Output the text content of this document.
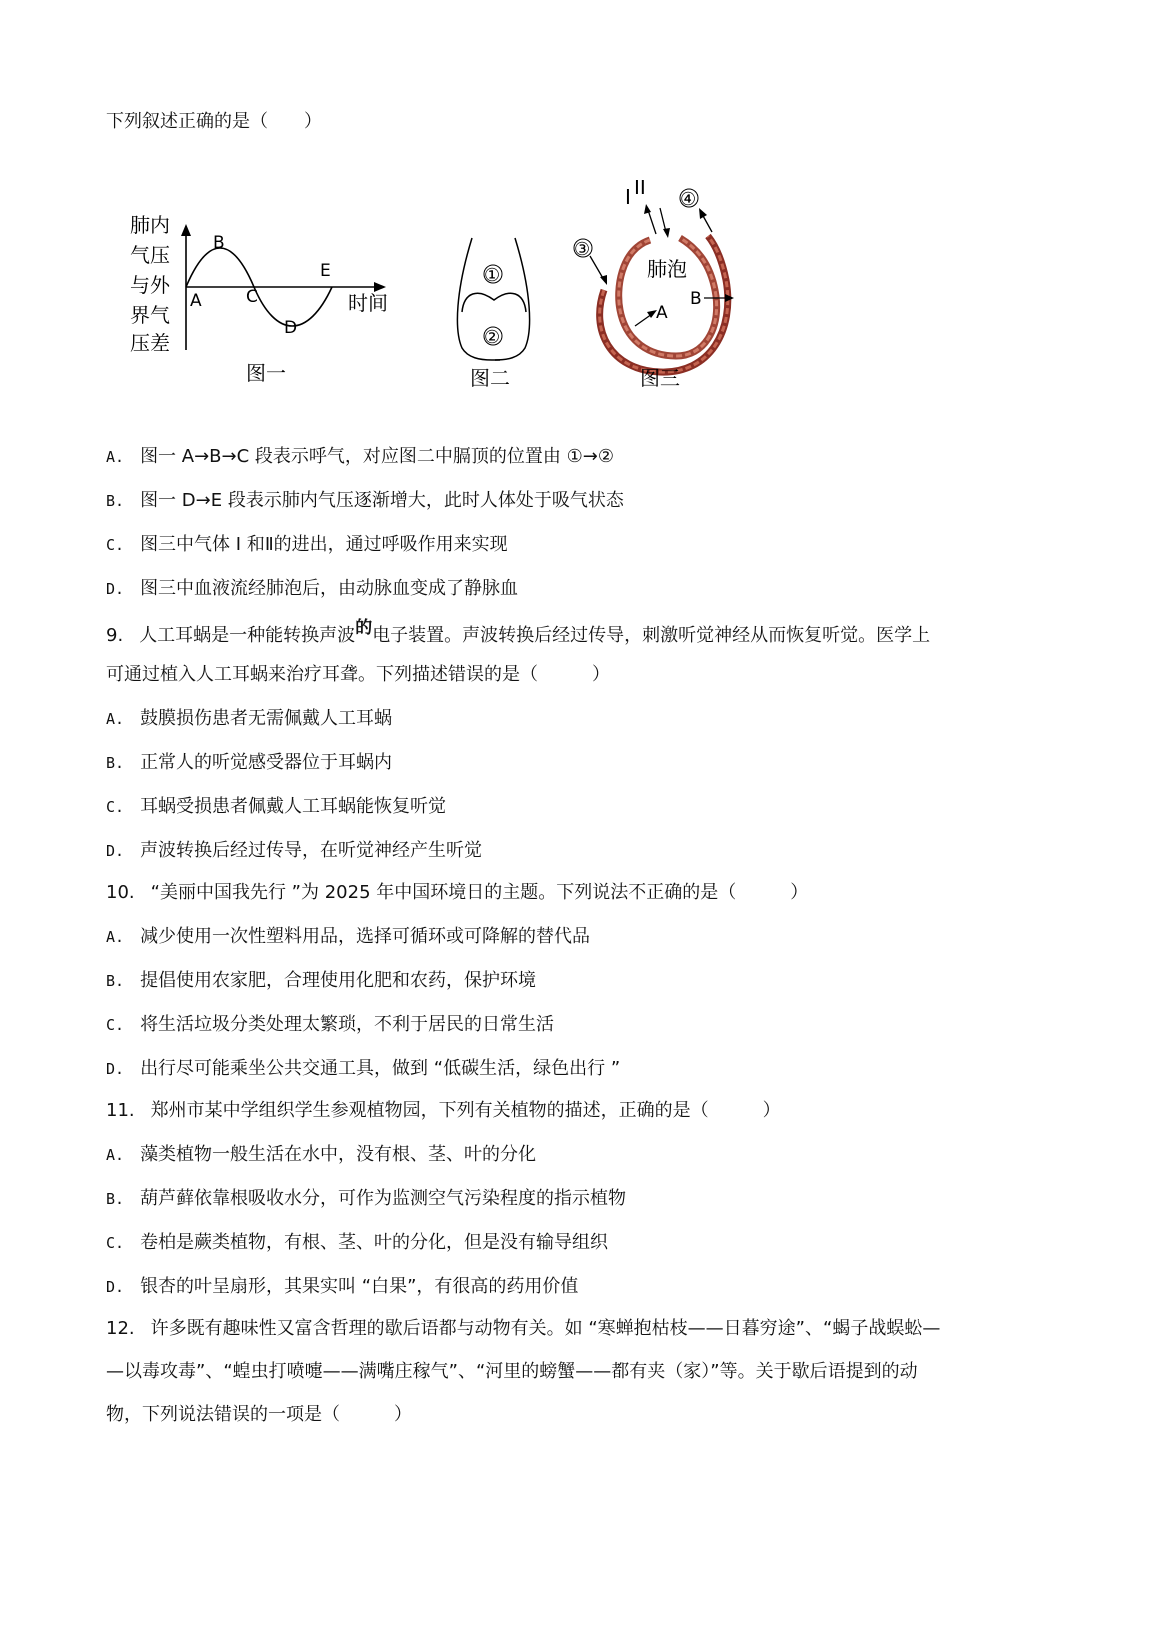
下列叙述正确的是（　　）
肺内
气压
与外
界气
压差
B
A	C
E
D
时间
图一
①
②
图二
I II
③
④
肺泡
A
B
图三
A. 图一 A→B→C 段表示呼气，对应图二中膈顶的位置由 ①→②
B. 图一 D→E 段表示肺内气压逐渐增大，此时人体处于吸气状态
C. 图三中气体 I 和Ⅱ的进出，通过呼吸作用来实现
D. 图三中血液流经肺泡后，由动脉血变成了静脉血
9. 人工耳蜗是一种能转换声波的电子装置。声波转换后经过传导，刺激听觉神经从而恢复听觉。医学上
可通过植入人工耳蜗来治疗耳聋。下列描述错误的是（　　　）
A. 鼓膜损伤患者无需佩戴人工耳蜗
B. 正常人的听觉感受器位于耳蜗内
C. 耳蜗受损患者佩戴人工耳蜗能恢复听觉
D. 声波转换后经过传导，在听觉神经产生听觉
10. “美丽中国我先行 ”为 2025 年中国环境日的主题。下列说法不正确的是（　　　）
A. 减少使用一次性塑料用品，选择可循环或可降解的替代品
B. 提倡使用农家肥，合理使用化肥和农药，保护环境
C. 将生活垃圾分类处理太繁琐，不利于居民的日常生活
D. 出行尽可能乘坐公共交通工具，做到 “低碳生活，绿色出行 ”
11. 郑州市某中学组织学生参观植物园，下列有关植物的描述，正确的是（　　　）
A. 藻类植物一般生活在水中，没有根、茎、叶的分化
B. 葫芦藓依靠根吸收水分，可作为监测空气污染程度的指示植物
C. 卷柏是蕨类植物，有根、茎、叶的分化，但是没有输导组织
D. 银杏的叶呈扇形，其果实叫 “白果”，有很高的药用价值
12. 许多既有趣味性又富含哲理的歇后语都与动物有关。如 “寒蝉抱枯枝——日暮穷途”、“蝎子战蜈蚣—
—以毒攻毒”、“蝗虫打喷嚏——满嘴庄稼气”、“河里的螃蟹——都有夹（家）”等。关于歇后语提到的动
物，下列说法错误的一项是（　　　）
